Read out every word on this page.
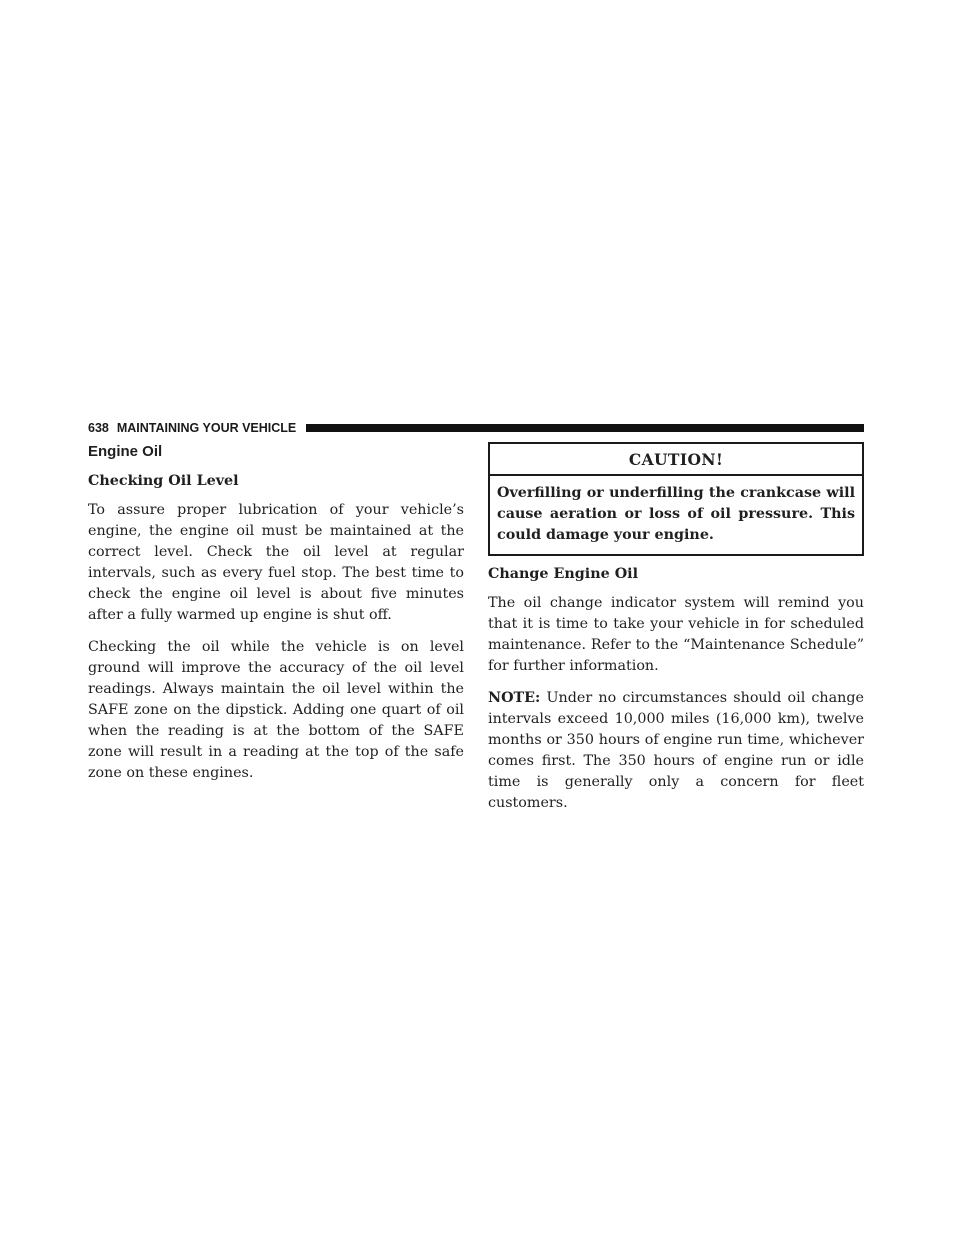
638 MAINTAINING YOUR VEHICLE
Engine Oil
Checking Oil Level

To assure proper lubrication of your vehicle’s engine, the engine oil must be maintained at the correct level. Check the oil level at regular intervals, such as every fuel stop. The best time to check the engine oil level is about five minutes after a fully warmed up engine is shut off.

Checking the oil while the vehicle is on level ground will improve the accuracy of the oil level readings. Always maintain the oil level within the SAFE zone on the dipstick. Adding one quart of oil when the reading is at the bottom of the SAFE zone will result in a reading at the top of the safe zone on these engines.

CAUTION!
Overfilling or underfilling the crankcase will cause aeration or loss of oil pressure. This could damage your engine.
Change Engine Oil

The oil change indicator system will remind you that it is time to take your vehicle in for scheduled maintenance. Refer to the “Maintenance Schedule” for further information.

NOTE: Under no circumstances should oil change intervals exceed 10,000 miles (16,000 km), twelve months or 350 hours of engine run time, whichever comes first. The 350 hours of engine run or idle time is generally only a concern for fleet customers.
